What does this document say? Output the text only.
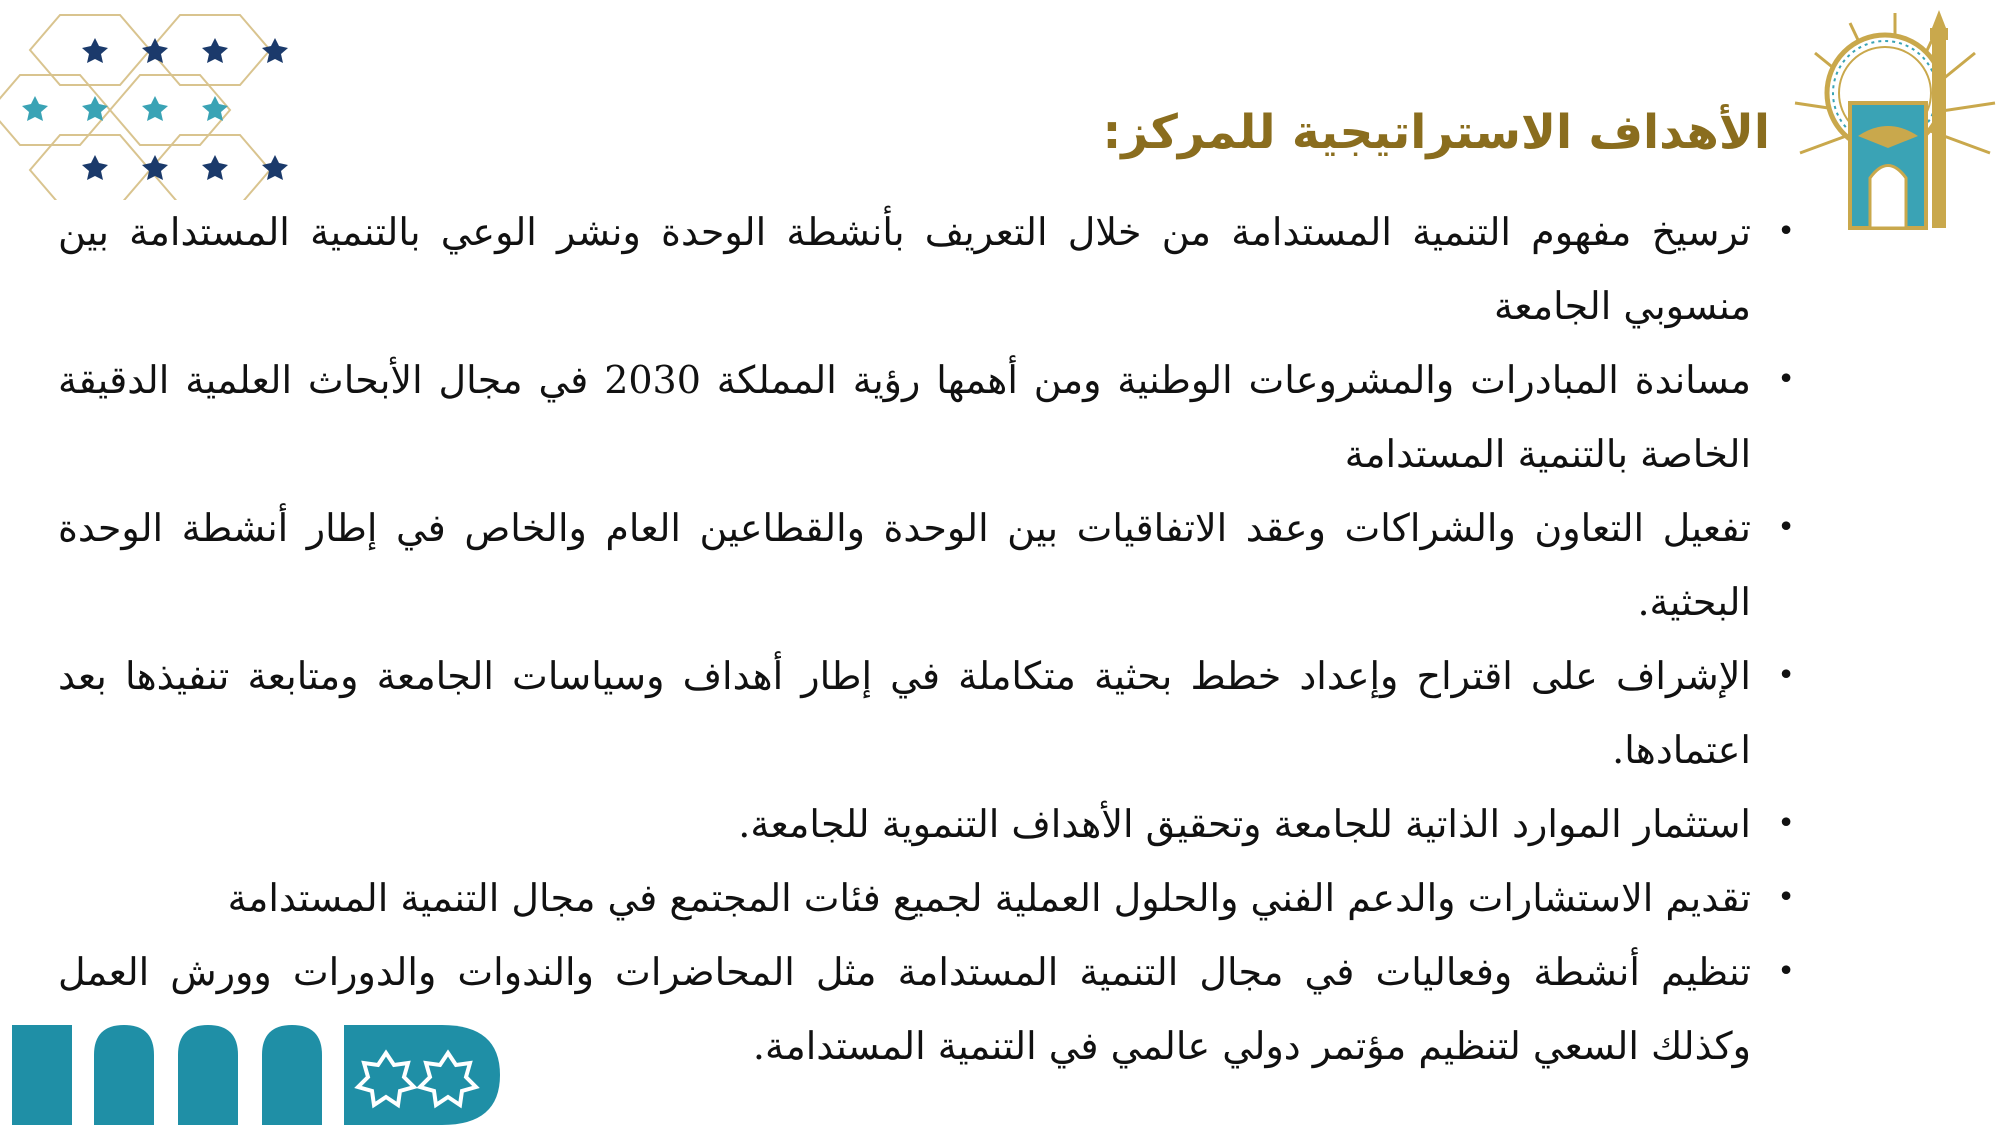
الأهداف الاستراتيجية للمركز:
•
ترسيخ مفهوم التنمية المستدامة من خلال التعريف بأنشطة الوحدة ونشر الوعي بالتنمية المستدامة بين منسوبي الجامعة
•
مساندة المبادرات والمشروعات الوطنية ومن أهمها رؤية المملكة 2030 في مجال الأبحاث العلمية الدقيقة الخاصة بالتنمية المستدامة
•
تفعيل التعاون والشراكات وعقد الاتفاقيات بين الوحدة والقطاعين العام والخاص في إطار أنشطة الوحدة البحثية.
•
الإشراف على اقتراح وإعداد خطط بحثية متكاملة في إطار أهداف وسياسات الجامعة ومتابعة تنفيذها بعد اعتمادها.
•
استثمار الموارد الذاتية للجامعة وتحقيق الأهداف التنموية للجامعة.
•
تقديم الاستشارات والدعم الفني والحلول العملية لجميع فئات المجتمع في مجال التنمية المستدامة
•
تنظيم أنشطة وفعاليات في مجال التنمية المستدامة مثل المحاضرات والندوات والدورات وورش العمل وكذلك السعي لتنظيم مؤتمر دولي عالمي في التنمية المستدامة.
